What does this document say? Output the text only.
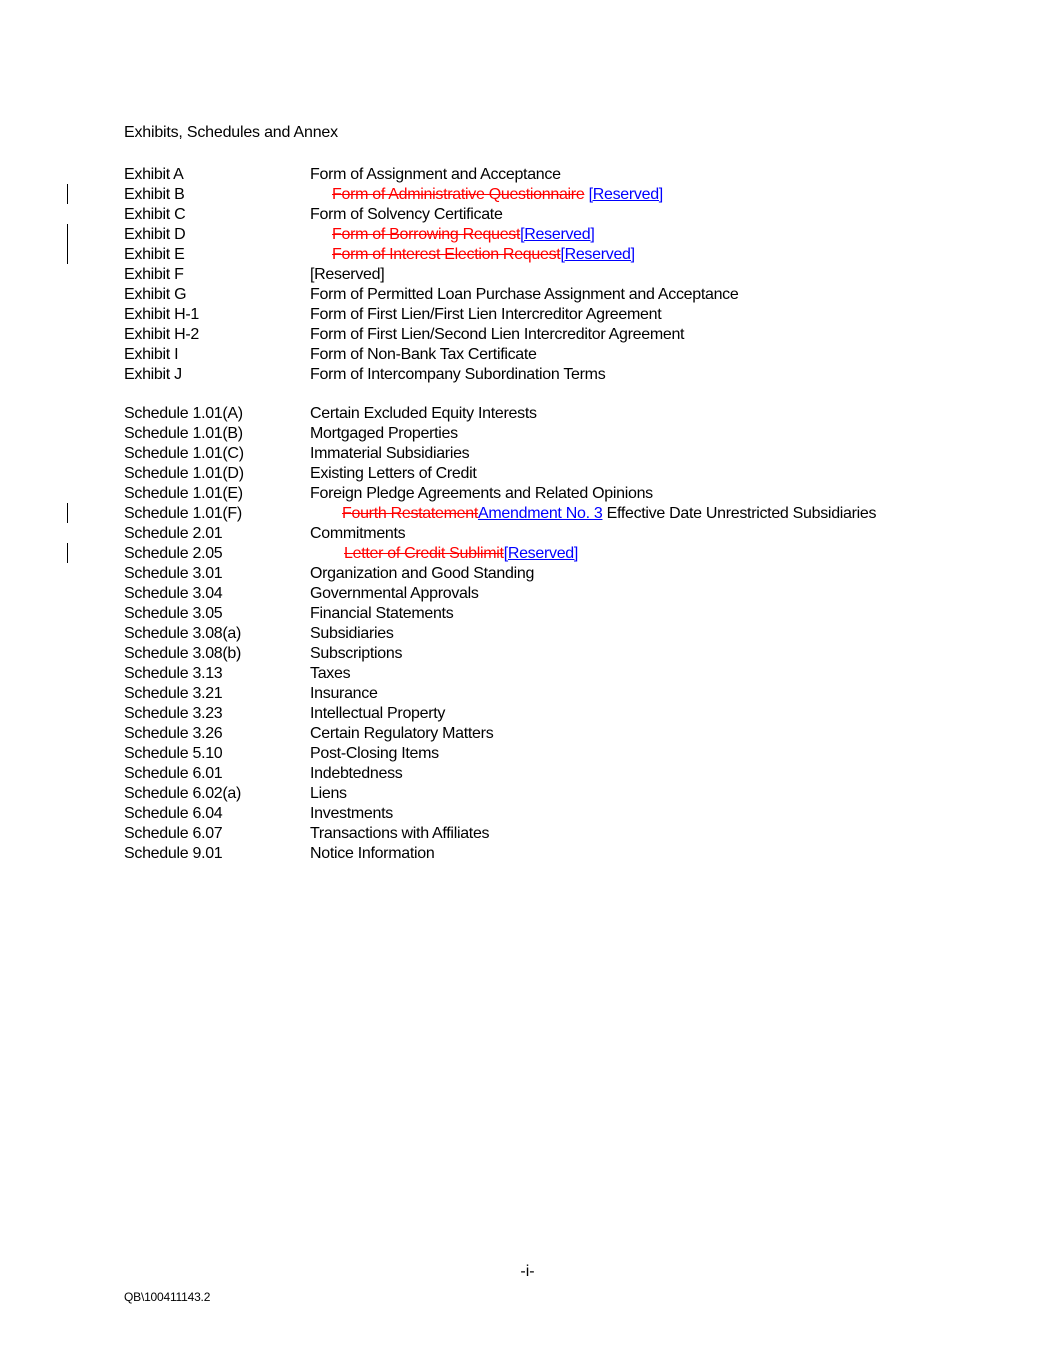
Exhibits, Schedules and Annex
Exhibit A	Form of Assignment and Acceptance
Exhibit B	Form of Administrative Questionnaire [Reserved]
Exhibit C	Form of Solvency Certificate
Exhibit D	Form of Borrowing Request[Reserved]
Exhibit E	Form of Interest Election Request[Reserved]
Exhibit F	[Reserved]
Exhibit G	Form of Permitted Loan Purchase Assignment and Acceptance
Exhibit H-1	Form of First Lien/First Lien Intercreditor Agreement
Exhibit H-2	Form of First Lien/Second Lien Intercreditor Agreement
Exhibit I	Form of Non-Bank Tax Certificate
Exhibit J	Form of Intercompany Subordination Terms
Schedule 1.01(A)	Certain Excluded Equity Interests
Schedule 1.01(B)	Mortgaged Properties
Schedule 1.01(C)	Immaterial Subsidiaries
Schedule 1.01(D)	Existing Letters of Credit
Schedule 1.01(E)	Foreign Pledge Agreements and Related Opinions
Schedule 1.01(F)	Fourth RestatementAmendment No. 3 Effective Date Unrestricted Subsidiaries
Schedule 2.01	Commitments
Schedule 2.05	Letter of Credit Sublimit[Reserved]
Schedule 3.01	Organization and Good Standing
Schedule 3.04	Governmental Approvals
Schedule 3.05	Financial Statements
Schedule 3.08(a)	Subsidiaries
Schedule 3.08(b)	Subscriptions
Schedule 3.13	Taxes
Schedule 3.21	Insurance
Schedule 3.23	Intellectual Property
Schedule 3.26	Certain Regulatory Matters
Schedule 5.10	Post-Closing Items
Schedule 6.01	Indebtedness
Schedule 6.02(a)	Liens
Schedule 6.04	Investments
Schedule 6.07	Transactions with Affiliates
Schedule 9.01	Notice Information
-i-
QB\100411143.2
